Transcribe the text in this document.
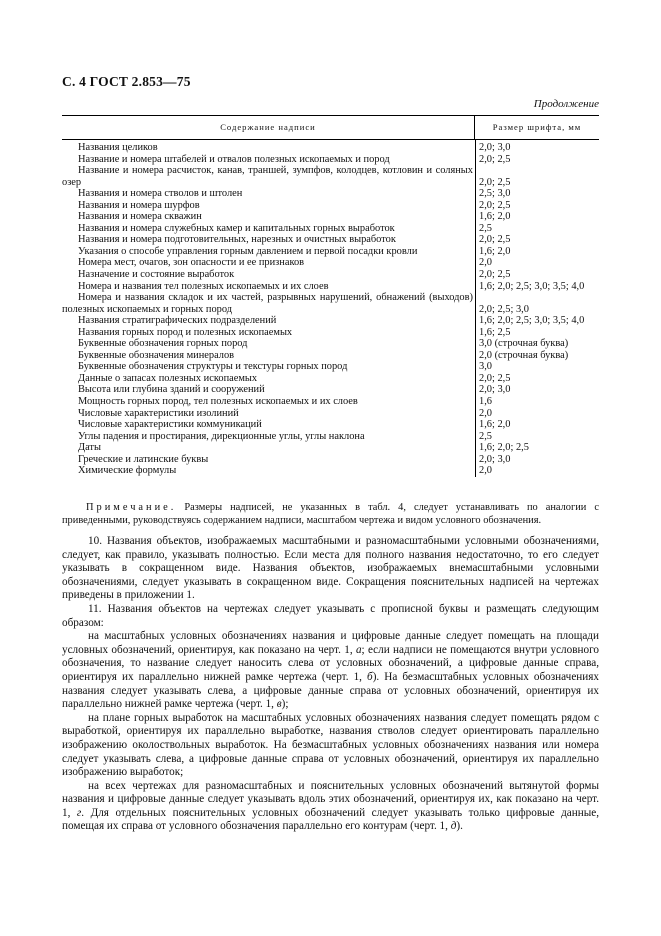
С. 4 ГОСТ 2.853—75
Продолжение
Содержание надписи	Размер шрифта, мм
Названия целиков	2,0; 3,0
Название и номера штабелей и отвалов полезных ископаемых и пород	2,0; 2,5
Название и номера расчисток, канав, траншей, зумпфов, колодцев, котловин и соляных озер	2,0; 2,5
Названия и номера стволов и штолен	2,5; 3,0
Названия и номера шурфов	2,0; 2,5
Названия и номера скважин	1,6; 2,0
Названия и номера служебных камер и капитальных горных выработок	2,5
Названия и номера подготовительных, нарезных и очистных выработок	2,0; 2,5
Указания о способе управления горным давлением и первой посадки кровли	1,6; 2,0
Номера мест, очагов, зон опасности и ее признаков	2,0
Назначение и состояние выработок	2,0; 2,5
Номера и названия тел полезных ископаемых и их слоев	1,6; 2,0; 2,5; 3,0; 3,5; 4,0
Номера и названия складок и их частей, разрывных нарушений, обнажений (выходов) полезных ископаемых и горных пород	2,0; 2,5; 3,0
Названия стратиграфических подразделений	1,6; 2,0; 2,5; 3,0; 3,5; 4,0
Названия горных пород и полезных ископаемых	1,6; 2,5
Буквенные обозначения горных пород	3,0 (строчная буква)
Буквенные обозначения минералов	2,0 (строчная буква)
Буквенные обозначения структуры и текстуры горных пород	3,0
Данные о запасах полезных ископаемых	2,0; 2,5
Высота или глубина зданий и сооружений	2,0; 3,0
Мощность горных пород, тел полезных ископаемых и их слоев	1,6
Числовые характеристики изолиний	2,0
Числовые характеристики коммуникаций	1,6; 2,0
Углы падения и простирания, дирекционные углы, углы наклона	2,5
Даты	1,6; 2,0; 2,5
Греческие и латинские буквы	2,0; 3,0
Химические формулы	2,0
Примечание. Размеры надписей, не указанных в табл. 4, следует устанавливать по аналогии с приведенными, руководствуясь содержанием надписи, масштабом чертежа и видом условного обозначения.

10. Названия объектов, изображаемых масштабными и разномасштабными условными обозначениями, следует, как правило, указывать полностью. Если места для полного названия недостаточно, то его следует указывать в сокращенном виде. Названия объектов, изображаемых внемасштабными условными обозначениями, следует указывать в сокращенном виде. Сокращения пояснительных надписей на чертежах приведены в приложении 1.

11. Названия объектов на чертежах следует указывать с прописной буквы и размещать следующим образом:

на масштабных условных обозначениях названия и цифровые данные следует помещать на площади условных обозначений, ориентируя, как показано на черт. 1, а; если надписи не помещаются внутри условного обозначения, то название следует наносить слева от условных обозначений, а цифровые данные справа, ориентируя их параллельно нижней рамке чертежа (черт. 1, б). На безмасштабных условных обозначениях названия следует указывать слева, а цифровые данные справа от условных обозначений, ориентируя их параллельно нижней рамке чертежа (черт. 1, в);

на плане горных выработок на масштабных условных обозначениях названия следует помещать рядом с выработкой, ориентируя их параллельно выработке, названия стволов следует ориентировать параллельно изображению околоствольных выработок. На безмасштабных условных обозначениях названия или номера следует указывать слева, а цифровые данные справа от условных обозначений, ориентируя их параллельно изображению выработок;

на всех чертежах для разномасштабных и пояснительных условных обозначений вытянутой формы названия и цифровые данные следует указывать вдоль этих обозначений, ориентируя их, как показано на черт. 1, г. Для отдельных пояснительных условных обозначений следует указывать только цифровые данные, помещая их справа от условного обозначения параллельно его контурам (черт. 1, д).
